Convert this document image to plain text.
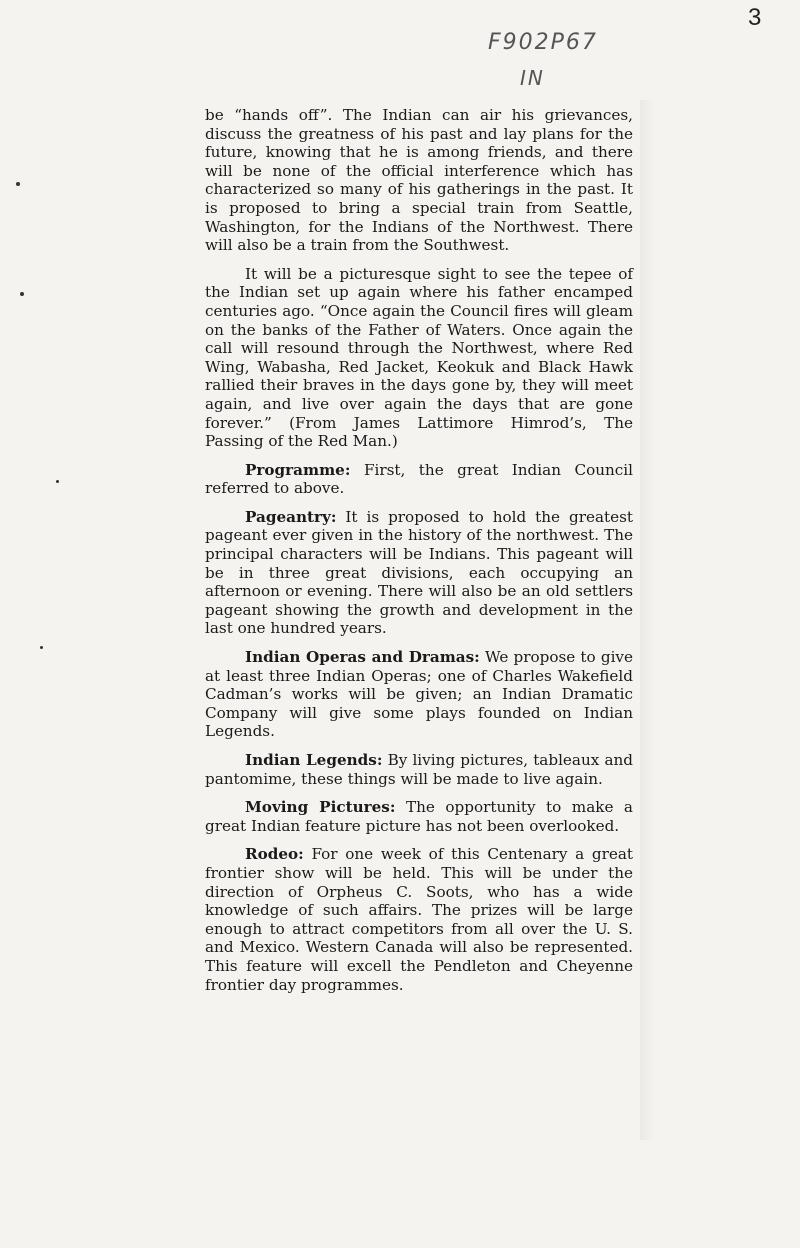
3
F902P67
IN

be “hands off”. The Indian can air his grievances, discuss the greatness of his past and lay plans for the future, knowing that he is among friends, and there will be none of the official interference which has characterized so many of his gatherings in the past. It is proposed to bring a special train from Seattle, Washington, for the Indians of the Northwest. There will also be a train from the Southwest.

It will be a picturesque sight to see the tepee of the Indian set up again where his father encamped centuries ago. “Once again the Council fires will gleam on the banks of the Father of Waters. Once again the call will resound through the Northwest, where Red Wing, Wabasha, Red Jacket, Keokuk and Black Hawk rallied their braves in the days gone by, they will meet again, and live over again the days that are gone forever.” (From James Lattimore Himrod’s, The Passing of the Red Man.)

Programme: First, the great Indian Council referred to above.

Pageantry: It is proposed to hold the greatest pageant ever given in the history of the northwest. The principal characters will be Indians. This pageant will be in three great divisions, each occupying an afternoon or evening. There will also be an old settlers pageant showing the growth and development in the last one hundred years.

Indian Operas and Dramas: We propose to give at least three Indian Operas; one of Charles Wakefield Cadman’s works will be given; an Indian Dramatic Company will give some plays founded on Indian Legends.

Indian Legends: By living pictures, tableaux and pantomime, these things will be made to live again.

Moving Pictures: The opportunity to make a great Indian feature picture has not been overlooked.

Rodeo: For one week of this Centenary a great frontier show will be held. This will be under the direction of Orpheus C. Soots, who has a wide knowledge of such affairs. The prizes will be large enough to attract competitors from all over the U. S. and Mexico. Western Canada will also be represented. This feature will excell the Pendleton and Cheyenne frontier day programmes.
